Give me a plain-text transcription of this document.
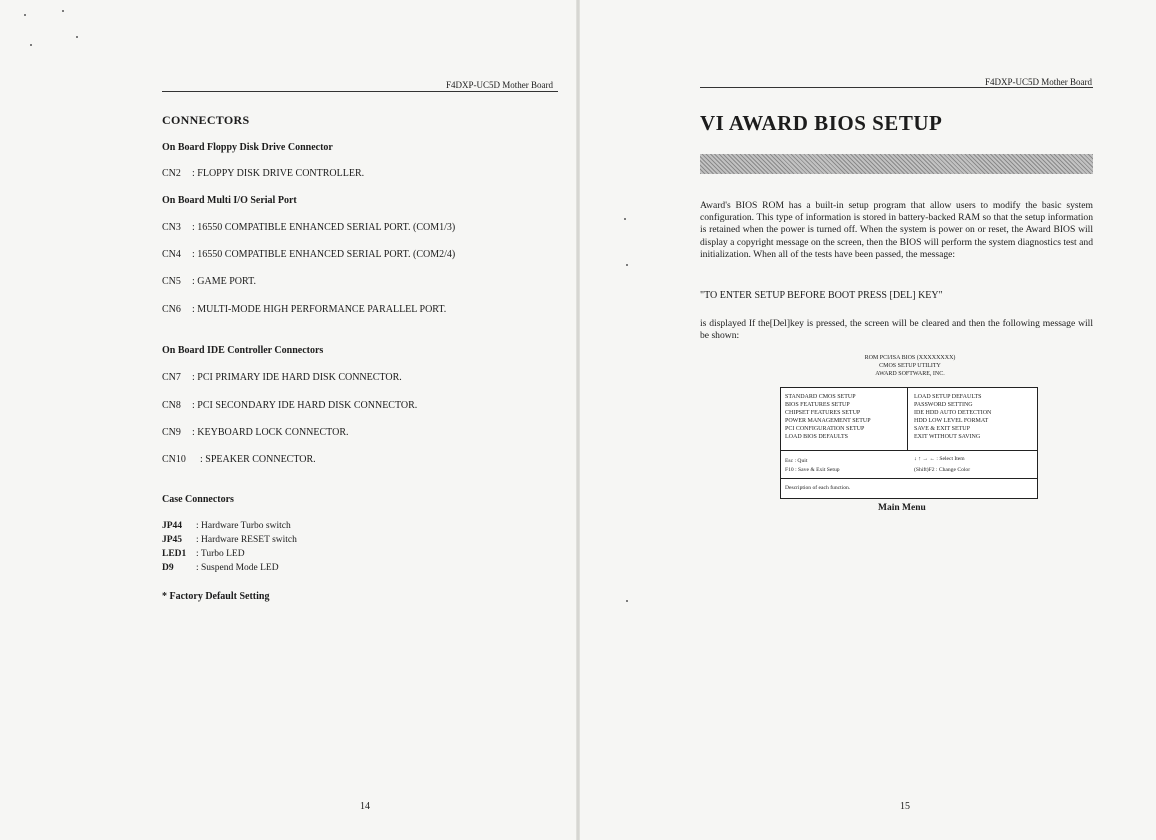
F4DXP-UC5D Mother Board
CONNECTORS
On Board Floppy Disk Drive Connector
CN2 : FLOPPY DISK DRIVE CONTROLLER.
On Board Multi I/O Serial Port
CN3 : 16550 COMPATIBLE ENHANCED SERIAL PORT. (COM1/3)
CN4 : 16550 COMPATIBLE ENHANCED SERIAL PORT. (COM2/4)
CN5 : GAME PORT.
CN6 : MULTI-MODE HIGH PERFORMANCE PARALLEL PORT.
On Board IDE Controller Connectors
CN7 : PCI PRIMARY IDE HARD DISK CONNECTOR.
CN8 : PCI SECONDARY IDE HARD DISK CONNECTOR.
CN9 : KEYBOARD LOCK CONNECTOR.
CN10 : SPEAKER CONNECTOR.
Case Connectors
JP44 : Hardware Turbo switch
JP45 : Hardware RESET switch
LED1 : Turbo LED
D9 : Suspend Mode LED
* Factory Default Setting
14
F4DXP-UC5D Mother Board
VI AWARD BIOS SETUP
Award's BIOS ROM has a built-in setup program that allow users to modify the basic system configuration. This type of information is stored in battery-backed RAM so that the setup information is retained when the power is turned off. When the system is power on or reset, the Award BIOS will display a copyright message on the screen, then the BIOS will perform the system diagnostics test and initialization. When all of the tests have been passed, the message:
"TO ENTER SETUP BEFORE BOOT PRESS [DEL] KEY"
is displayed If the[Del]key is pressed, the screen will be cleared and then the following message will be shown:
ROM PCI/ISA BIOS (XXXXXXXX)
CMOS SETUP UTILITY
AWARD SOFTWARE, INC.
STANDARD CMOS SETUP
BIOS FEATURES SETUP
CHIPSET FEATURES SETUP
POWER MANAGEMENT SETUP
PCI CONFIGURATION SETUP
LOAD BIOS DEFAULTS
LOAD SETUP DEFAULTS
PASSWORD SETTING
IDE HDD AUTO DETECTION
HDD LOW LEVEL FORMAT
SAVE & EXIT SETUP
EXIT WITHOUT SAVING
Esc : Quit
F10 : Save & Exit Setup
↓ ↑ → ← : Select Item
(Shift)F2 : Change Color
Description of each function.
Main Menu
15
